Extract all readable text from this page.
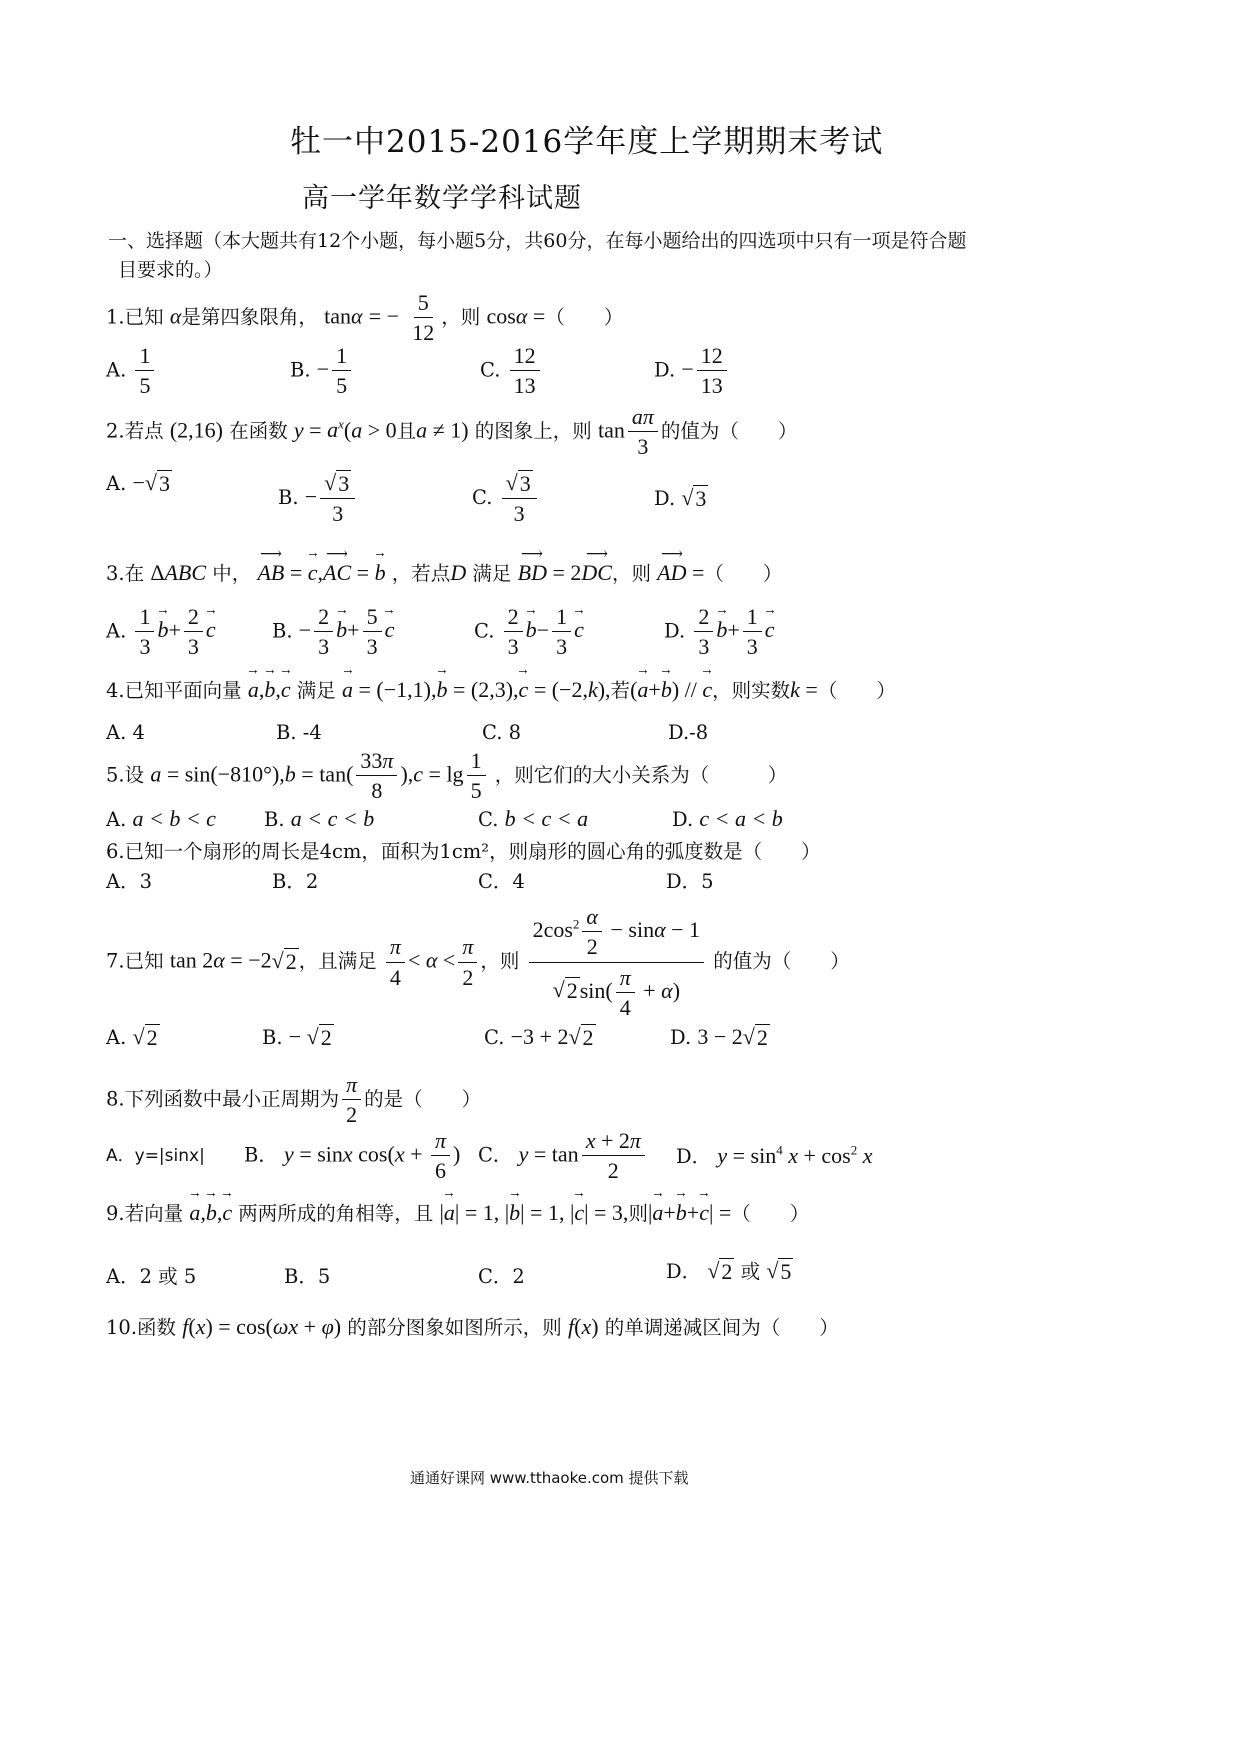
牡一中2015-2016学年度上学期期末考试
高一学年数学学科试题
一、选择题（本大题共有12个小题，每小题5分，共60分，在每小题给出的四选项中只有一项是符合题
目要求的。）
1.已知 α是第四象限角， tanα = − $\frac{5}{12}$ ，则 cosα =（　　）
A. $\frac{1}{5}$	B. − $\frac{1}{5}$	C. $\frac{12}{13}$	D. − $\frac{12}{13}$
2.若点 (2,16) 在函数 $y = a^x(a > 0$且a ≠ 1) 的图象上，则 $\tan \frac{a\pi}{3}$ 的值为（　　）
A. − √ 3
B. − $\frac{√ 3}{3}$	C. $\frac{√ 3}{3}$	D. √ 3
3.在 ΔABC 中， ⟶ AB = → c,⟶ AC = → b ，若点D 满足 ⟶ BD = 2⟶ DC，则 ⟶ AD =（　　）
A. $\frac{1}{3}$
→ $b+ \frac{2}{3}$
→ c	B. − $\frac{2}{3}$
→ $b+ \frac{5}{3}$
→ c	C. $\frac{2}{3}$
→ $b- \frac{1}{3}$
→ c	D. $\frac{2}{3}$
→ $b+ \frac{1}{3}$
→ c
4.已知平面向量 → a,→ b,→ c 满足 → a = (−1,1),→ b = (2,3),→ c = (−2,k),若(→ a+→ b) // → c，则实数k =（　　）
A. 4	B. -4	C. 8	D.-8
5.设 $a = \sin(-810^\circ),b = \tan( \frac{33\pi}{8} ),c = \lg \frac{1}{5}$ ，则它们的大小关系为（　　　）
A. a < b < c B. a < c < b	C. b < c < a	D. c < a < b
6.已知一个扇形的周长是4cm，面积为1cm²，则扇形的圆心角的弧度数是（　　）
A．3	B．2	C．4	D．5
7.已知 tan 2α = −2 √ 2 ，且满足 $\frac{\pi}{4} < \alpha < \frac{\pi}{2}$ ，则 $\frac{2\cos^2 \frac{\alpha}{2} - \sin\alpha - 1}{√ 2 \sin( \frac{\pi}{4} + \alpha)}$ 的值为（　　）
A. √ 2	B. − √ 2	C. −3 + 2 √ 2	D. 3 − 2 √ 2
8.下列函数中最小正周期为 $\frac{\pi}{2}$ 的是（　　）
A．y=|sinx| B． y = sinx $\cos(x + \frac{\pi}{6}$ ) C． $y = \tan \frac{x + 2\pi}{2}$ D． $y = \sin^4 x + \cos^2 x$
9.若向量 → a,→ b,→ c 两两所成的角相等，且 |→ a| = 1, |→ b| = 1, |→ c| = 3,则|→ a+→ b+→ c| =（　　）
A．2 或 5	B．5	C．2	D． √ 2 或 √ 5
10.函数 f(x) = cos(ωx + φ) 的部分图象如图所示，则 f(x) 的单调递减区间为（　　）
通通好课网 www.tthaoke.com 提供下载
